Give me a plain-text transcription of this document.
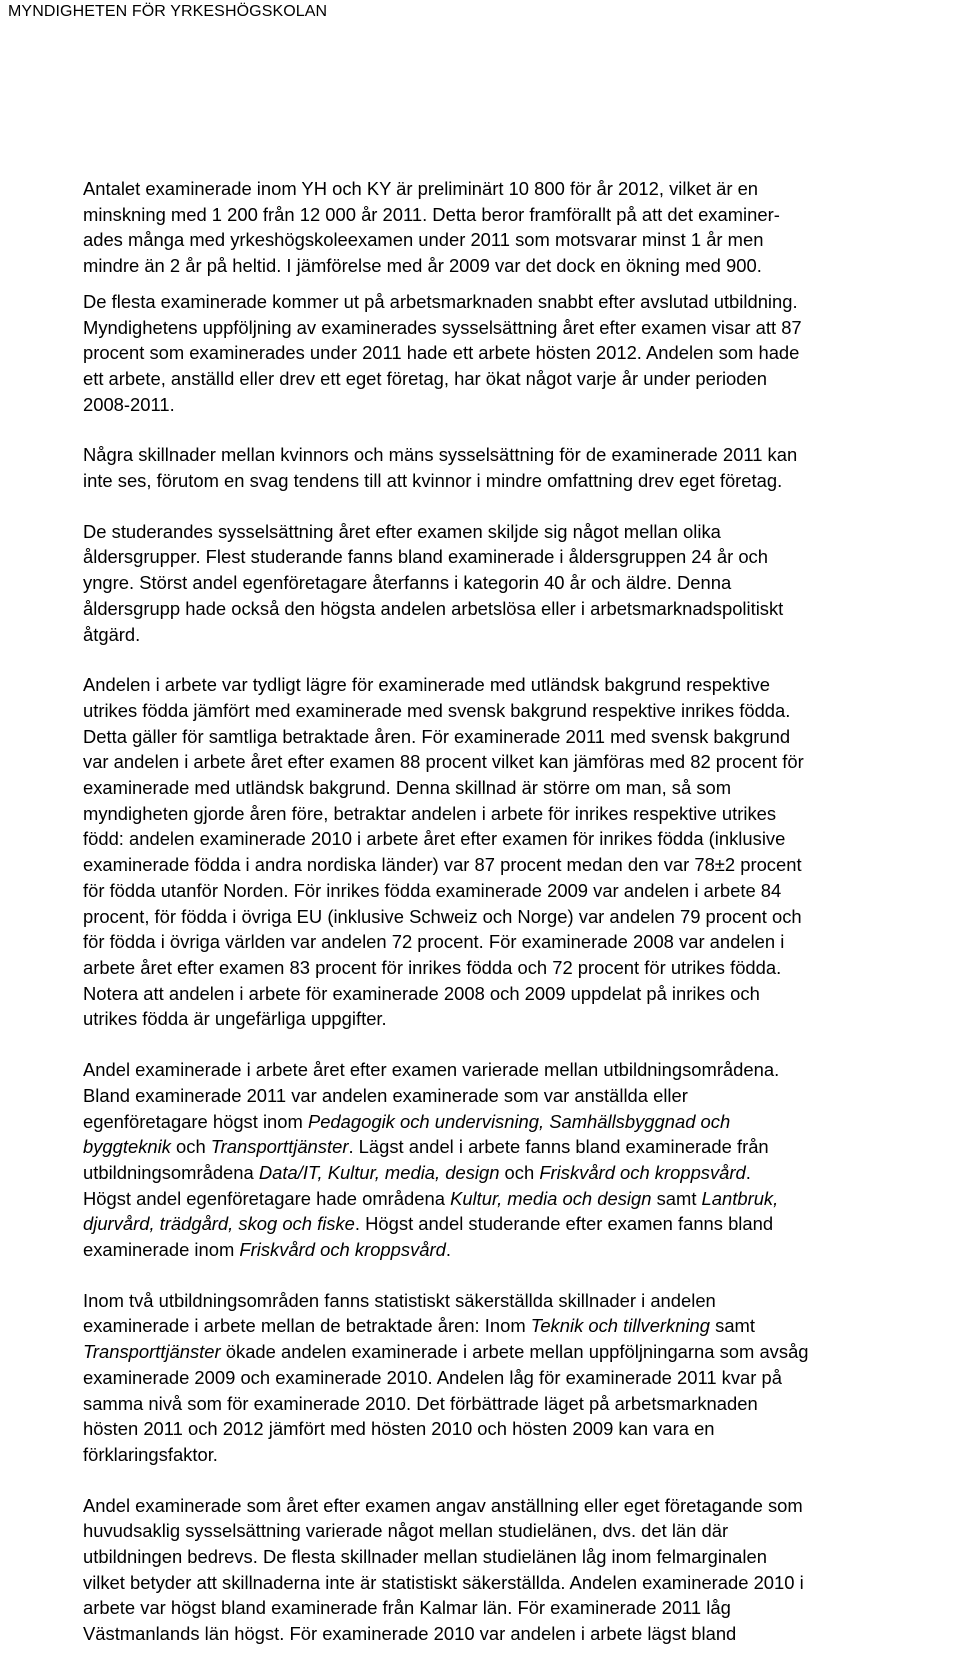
MYNDIGHETEN FÖR YRKESHÖGSKOLAN

Antalet examinerade inom YH och KY är preliminärt 10 800 för år 2012, vilket är en
minskning med 1 200 från 12 000 år 2011. Detta beror framförallt på att det examiner-
ades många med yrkeshögskoleexamen under 2011 som motsvarar minst 1 år men
mindre än 2 år på heltid. I jämförelse med år 2009 var det dock en ökning med 900.

De flesta examinerade kommer ut på arbetsmarknaden snabbt efter avslutad utbildning.
Myndighetens uppföljning av examinerades sysselsättning året efter examen visar att 87
procent som examinerades under 2011 hade ett arbete hösten 2012. Andelen som hade
ett arbete, anställd eller drev ett eget företag, har ökat något varje år under perioden
2008-2011.

Några skillnader mellan kvinnors och mäns sysselsättning för de examinerade 2011 kan
inte ses, förutom en svag tendens till att kvinnor i mindre omfattning drev eget företag.

De studerandes sysselsättning året efter examen skiljde sig något mellan olika
åldersgrupper. Flest studerande fanns bland examinerade i åldersgruppen 24 år och
yngre. Störst andel egenföretagare återfanns i kategorin 40 år och äldre. Denna
åldersgrupp hade också den högsta andelen arbetslösa eller i arbetsmarknadspolitiskt
åtgärd.

Andelen i arbete var tydligt lägre för examinerade med utländsk bakgrund respektive
utrikes födda jämfört med examinerade med svensk bakgrund respektive inrikes födda.
Detta gäller för samtliga betraktade åren. För examinerade 2011 med svensk bakgrund
var andelen i arbete året efter examen 88 procent vilket kan jämföras med 82 procent för
examinerade med utländsk bakgrund. Denna skillnad är större om man, så som
myndigheten gjorde åren före, betraktar andelen i arbete för inrikes respektive utrikes
född: andelen examinerade 2010 i arbete året efter examen för inrikes födda (inklusive
examinerade födda i andra nordiska länder) var 87 procent medan den var 78±2 procent
för födda utanför Norden. För inrikes födda examinerade 2009 var andelen i arbete 84
procent, för födda i övriga EU (inklusive Schweiz och Norge) var andelen 79 procent och
för födda i övriga världen var andelen 72 procent. För examinerade 2008 var andelen i
arbete året efter examen 83 procent för inrikes födda och 72 procent för utrikes födda.
Notera att andelen i arbete för examinerade 2008 och 2009 uppdelat på inrikes och
utrikes födda är ungefärliga uppgifter.

Andel examinerade i arbete året efter examen varierade mellan utbildningsområdena.
Bland examinerade 2011 var andelen examinerade som var anställda eller
egenföretagare högst inom Pedagogik och undervisning, Samhällsbyggnad och
byggteknik och Transporttjänster. Lägst andel i arbete fanns bland examinerade från
utbildningsområdena Data/IT, Kultur, media, design och Friskvård och kroppsvård.
Högst andel egenföretagare hade områdena Kultur, media och design samt Lantbruk,
djurvård, trädgård, skog och fiske. Högst andel studerande efter examen fanns bland
examinerade inom Friskvård och kroppsvård.

Inom två utbildningsområden fanns statistiskt säkerställda skillnader i andelen
examinerade i arbete mellan de betraktade åren: Inom Teknik och tillverkning samt
Transporttjänster ökade andelen examinerade i arbete mellan uppföljningarna som avsåg
examinerade 2009 och examinerade 2010. Andelen låg för examinerade 2011 kvar på
samma nivå som för examinerade 2010. Det förbättrade läget på arbetsmarknaden
hösten 2011 och 2012 jämfört med hösten 2010 och hösten 2009 kan vara en
förklaringsfaktor.

Andel examinerade som året efter examen angav anställning eller eget företagande som
huvudsaklig sysselsättning varierade något mellan studielänen, dvs. det län där
utbildningen bedrevs. De flesta skillnader mellan studielänen låg inom felmarginalen
vilket betyder att skillnaderna inte är statistiskt säkerställda. Andelen examinerade 2010 i
arbete var högst bland examinerade från Kalmar län. För examinerade 2011 låg
Västmanlands län högst. För examinerade 2010 var andelen i arbete lägst bland
